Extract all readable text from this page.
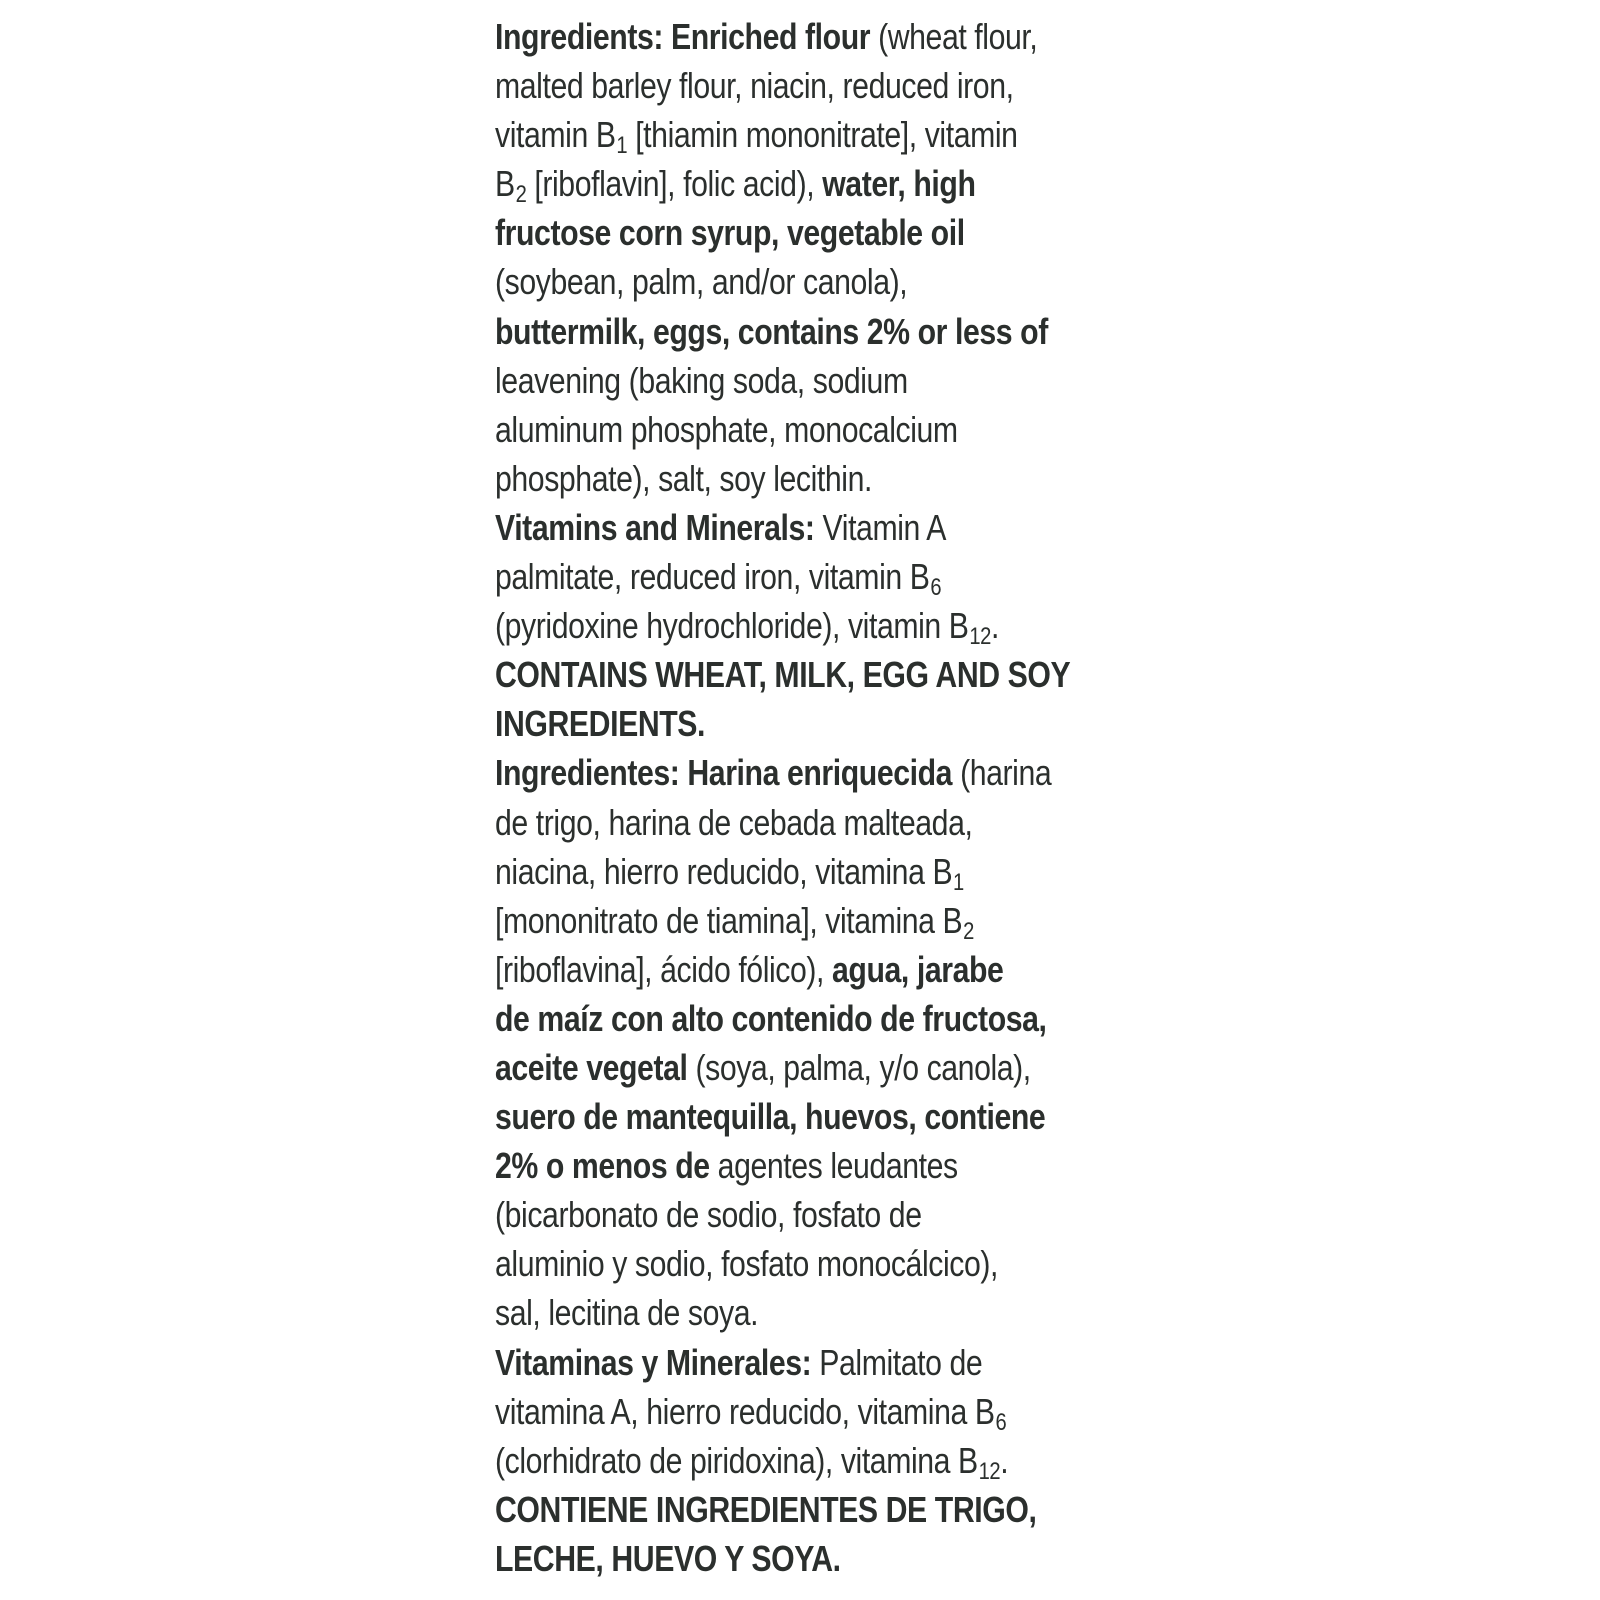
Ingredients: Enriched flour (wheat flour,
malted barley flour, niacin, reduced iron,
vitamin $B_1$ [thiamin mononitrate], vitamin
$B_2$ [riboflavin], folic acid), water, high
fructose corn syrup, vegetable oil
(soybean, palm, and/or canola),
buttermilk, eggs, contains 2% or less of
leavening (baking soda, sodium
aluminum phosphate, monocalcium
phosphate), salt, soy lecithin.
Vitamins and Minerals: Vitamin A
palmitate, reduced iron, vitamin $B_6$
(pyridoxine hydrochloride), vitamin $B_{12}$.
CONTAINS WHEAT, MILK, EGG AND SOY
INGREDIENTS.
Ingredientes: Harina enriquecida (harina
de trigo, harina de cebada malteada,
niacina, hierro reducido, vitamina $B_1$
[mononitrato de tiamina], vitamina $B_2$
[riboflavina], ácido fólico), agua, jarabe
de maíz con alto contenido de fructosa,
aceite vegetal (soya, palma, y/o canola),
suero de mantequilla, huevos, contiene
2% o menos de agentes leudantes
(bicarbonato de sodio, fosfato de
aluminio y sodio, fosfato monocálcico),
sal, lecitina de soya.
Vitaminas y Minerales: Palmitato de
vitamina A, hierro reducido, vitamina $B_6$
(clorhidrato de piridoxina), vitamina $B_{12}$.
CONTIENE INGREDIENTES DE TRIGO,
LECHE, HUEVO Y SOYA.
